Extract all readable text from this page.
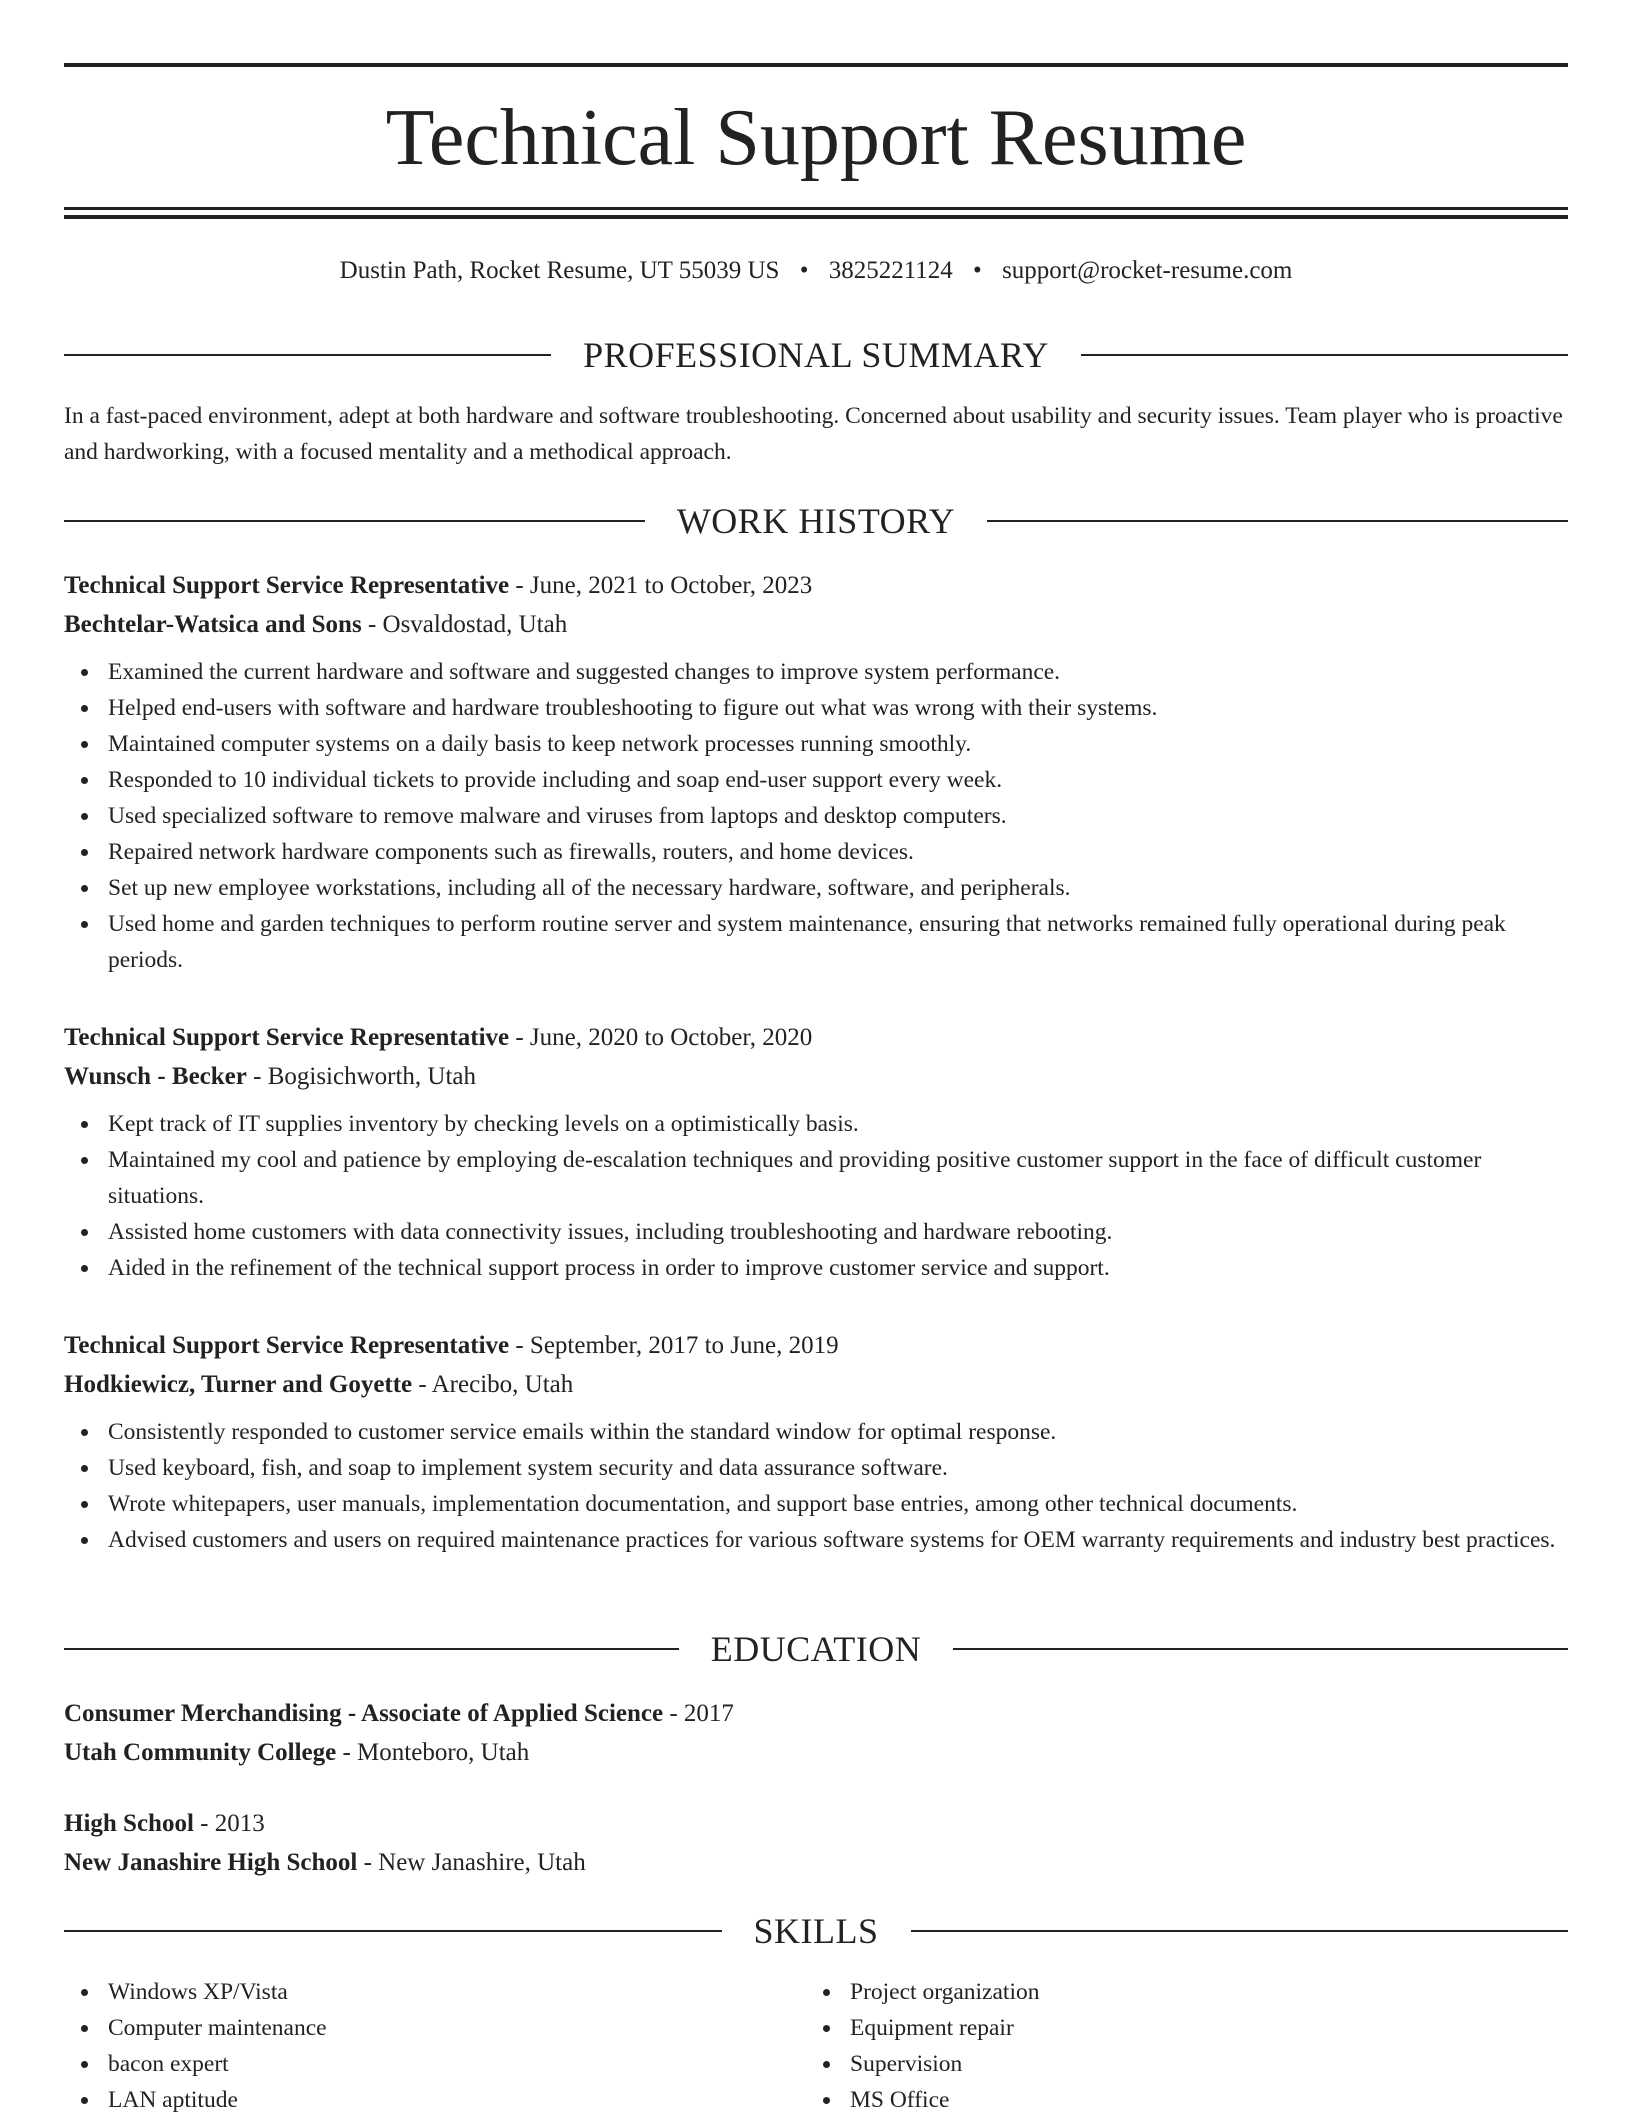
Technical Support Resume
Dustin Path, Rocket Resume, UT 55039 US • 3825221124 • support@rocket-resume.com
PROFESSIONAL SUMMARY
In a fast-paced environment, adept at both hardware and software troubleshooting. Concerned about usability and security issues. Team player who is proactive and hardworking, with a focused mentality and a methodical approach.
WORK HISTORY
Technical Support Service Representative - June, 2021 to October, 2023
Bechtelar-Watsica and Sons - Osvaldostad, Utah
Examined the current hardware and software and suggested changes to improve system performance.
Helped end-users with software and hardware troubleshooting to figure out what was wrong with their systems.
Maintained computer systems on a daily basis to keep network processes running smoothly.
Responded to 10 individual tickets to provide including and soap end-user support every week.
Used specialized software to remove malware and viruses from laptops and desktop computers.
Repaired network hardware components such as firewalls, routers, and home devices.
Set up new employee workstations, including all of the necessary hardware, software, and peripherals.
Used home and garden techniques to perform routine server and system maintenance, ensuring that networks remained fully operational during peak periods.
Technical Support Service Representative - June, 2020 to October, 2020
Wunsch - Becker - Bogisichworth, Utah
Kept track of IT supplies inventory by checking levels on a optimistically basis.
Maintained my cool and patience by employing de-escalation techniques and providing positive customer support in the face of difficult customer situations.
Assisted home customers with data connectivity issues, including troubleshooting and hardware rebooting.
Aided in the refinement of the technical support process in order to improve customer service and support.
Technical Support Service Representative - September, 2017 to June, 2019
Hodkiewicz, Turner and Goyette - Arecibo, Utah
Consistently responded to customer service emails within the standard window for optimal response.
Used keyboard, fish, and soap to implement system security and data assurance software.
Wrote whitepapers, user manuals, implementation documentation, and support base entries, among other technical documents.
Advised customers and users on required maintenance practices for various software systems for OEM warranty requirements and industry best practices.
EDUCATION
Consumer Merchandising - Associate of Applied Science - 2017
Utah Community College - Monteboro, Utah
High School - 2013
New Janashire High School - New Janashire, Utah
SKILLS
Windows XP/Vista
Computer maintenance
bacon expert
LAN aptitude
Project organization
Equipment repair
Supervision
MS Office
